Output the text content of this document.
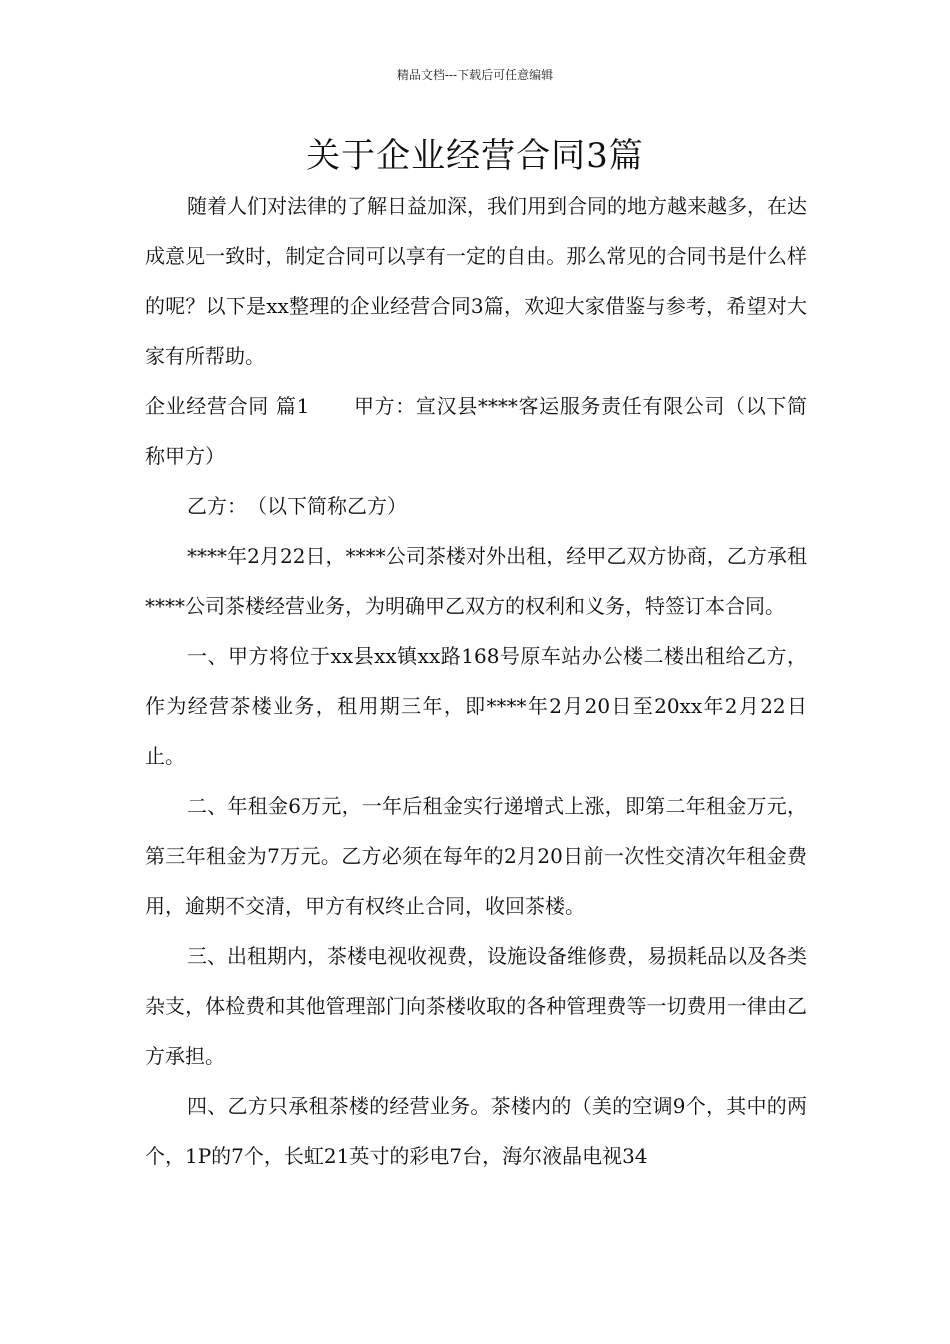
精品文档---下载后可任意编辑
关于企业经营合同3篇

随着人们对法律的了解日益加深，我们用到合同的地方越来越多，在达成意见一致时，制定合同可以享有一定的自由。那么常见的合同书是什么样的呢？以下是xx整理的企业经营合同3篇，欢迎大家借鉴与参考，希望对大家有所帮助。

企业经营合同 篇1 甲方：宣汉县****客运服务责任有限公司（以下简称甲方）

乙方：　（以下简称乙方）

****年2月22日，****公司茶楼对外出租，经甲乙双方协商，乙方承租****公司茶楼经营业务，为明确甲乙双方的权利和义务，特签订本合同。

一、甲方将位于xx县xx镇xx路168号原车站办公楼二楼出租给乙方，作为经营茶楼业务，租用期三年，即****年2月20日至20xx年2月22日止。

二、年租金6万元，一年后租金实行递增式上涨，即第二年租金万元，第三年租金为7万元。乙方必须在每年的2月20日前一次性交清次年租金费用，逾期不交清，甲方有权终止合同，收回茶楼。

三、出租期内，茶楼电视收视费，设施设备维修费，易损耗品以及各类杂支，体检费和其他管理部门向茶楼收取的各种管理费等一切费用一律由乙方承担。

四、乙方只承租茶楼的经营业务。茶楼内的（美的空调9个，其中的两个，1P的7个，长虹21英寸的彩电7台，海尔液晶电视34
